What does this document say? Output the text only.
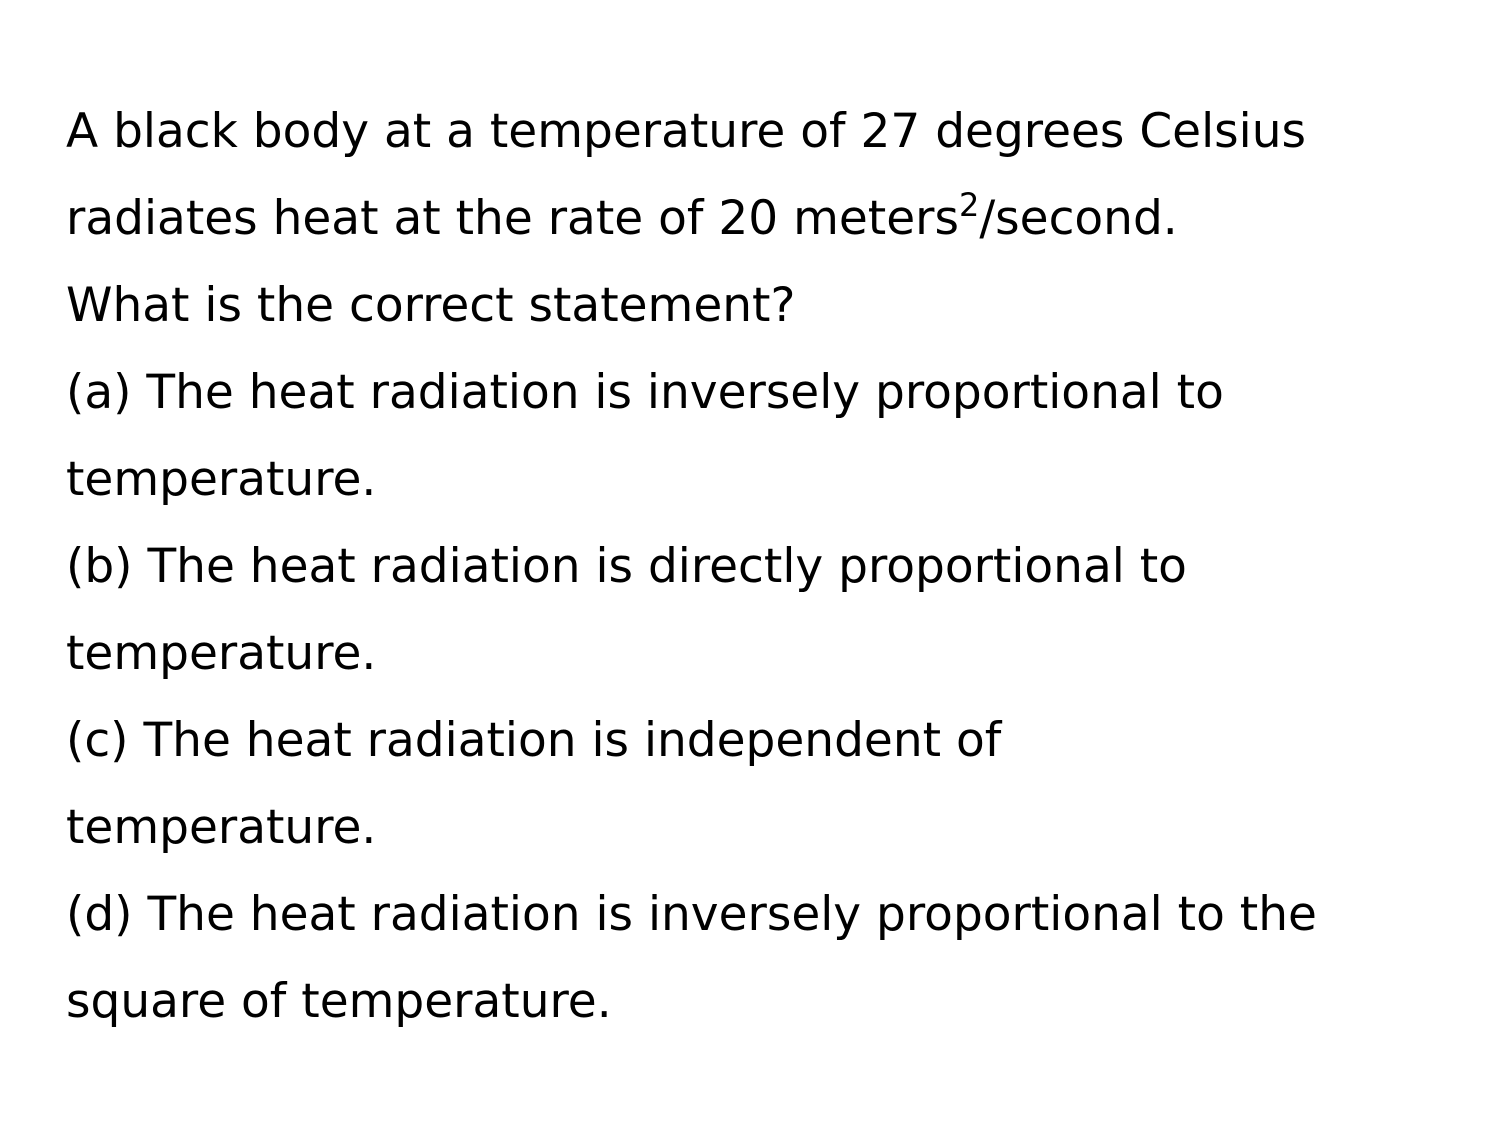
A black body at a temperature of 27 degrees Celsius
radiates heat at the rate of 20 meters$^2$/second.
What is the correct statement?
(a) The heat radiation is inversely proportional to
temperature.
(b) The heat radiation is directly proportional to
temperature.
(c) The heat radiation is independent of
temperature.
(d) The heat radiation is inversely proportional to the
square of temperature.
